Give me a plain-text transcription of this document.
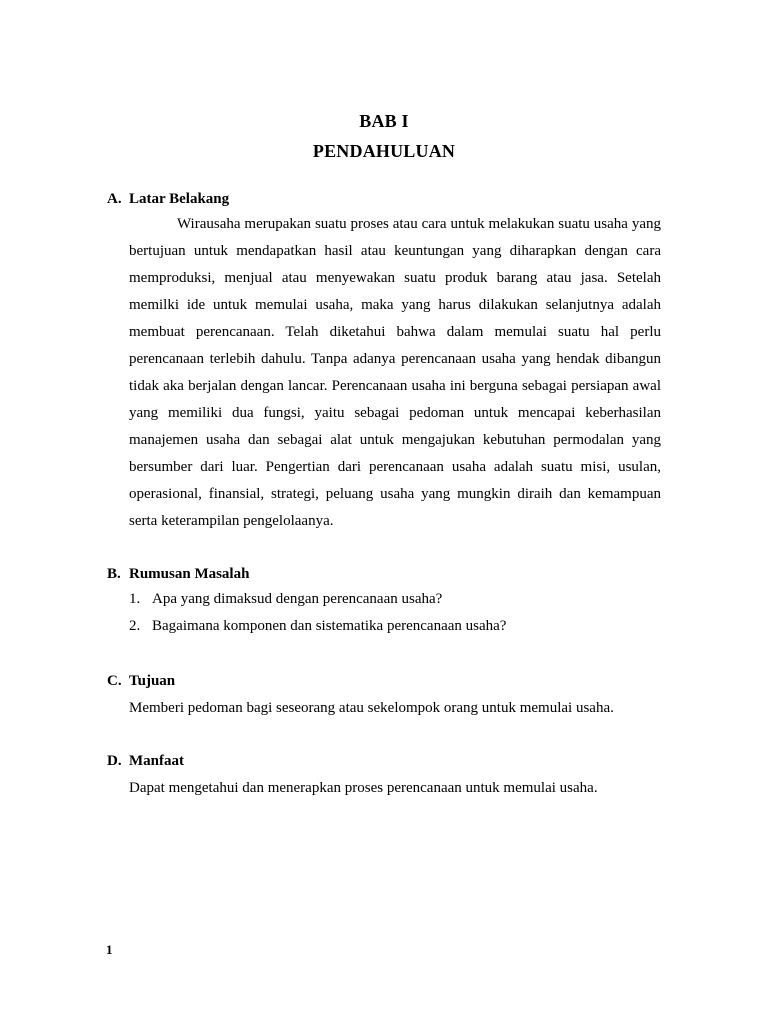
BAB I
PENDAHULUAN
A. Latar Belakang

Wirausaha merupakan suatu proses atau cara untuk melakukan suatu usaha yang bertujuan untuk mendapatkan hasil atau keuntungan yang diharapkan dengan cara memproduksi, menjual atau menyewakan suatu produk barang atau jasa. Setelah memilki ide untuk memulai usaha, maka yang harus dilakukan selanjutnya adalah membuat perencanaan. Telah diketahui bahwa dalam memulai suatu hal perlu perencanaan terlebih dahulu. Tanpa adanya perencanaan usaha yang hendak dibangun tidak aka berjalan dengan lancar. Perencanaan usaha ini berguna sebagai persiapan awal yang memiliki dua fungsi, yaitu sebagai pedoman untuk mencapai keberhasilan manajemen usaha dan sebagai alat untuk mengajukan kebutuhan permodalan yang bersumber dari luar. Pengertian dari perencanaan usaha adalah suatu misi, usulan, operasional, finansial, strategi, peluang usaha yang mungkin diraih dan kemampuan serta keterampilan pengelolaanya.

B. Rumusan Masalah
1. Apa yang dimaksud dengan perencanaan usaha?
2. Bagaimana komponen dan sistematika perencanaan usaha?
C. Tujuan
Memberi pedoman bagi seseorang atau sekelompok orang untuk memulai usaha.
D. Manfaat
Dapat mengetahui dan menerapkan proses perencanaan untuk memulai usaha.
1
